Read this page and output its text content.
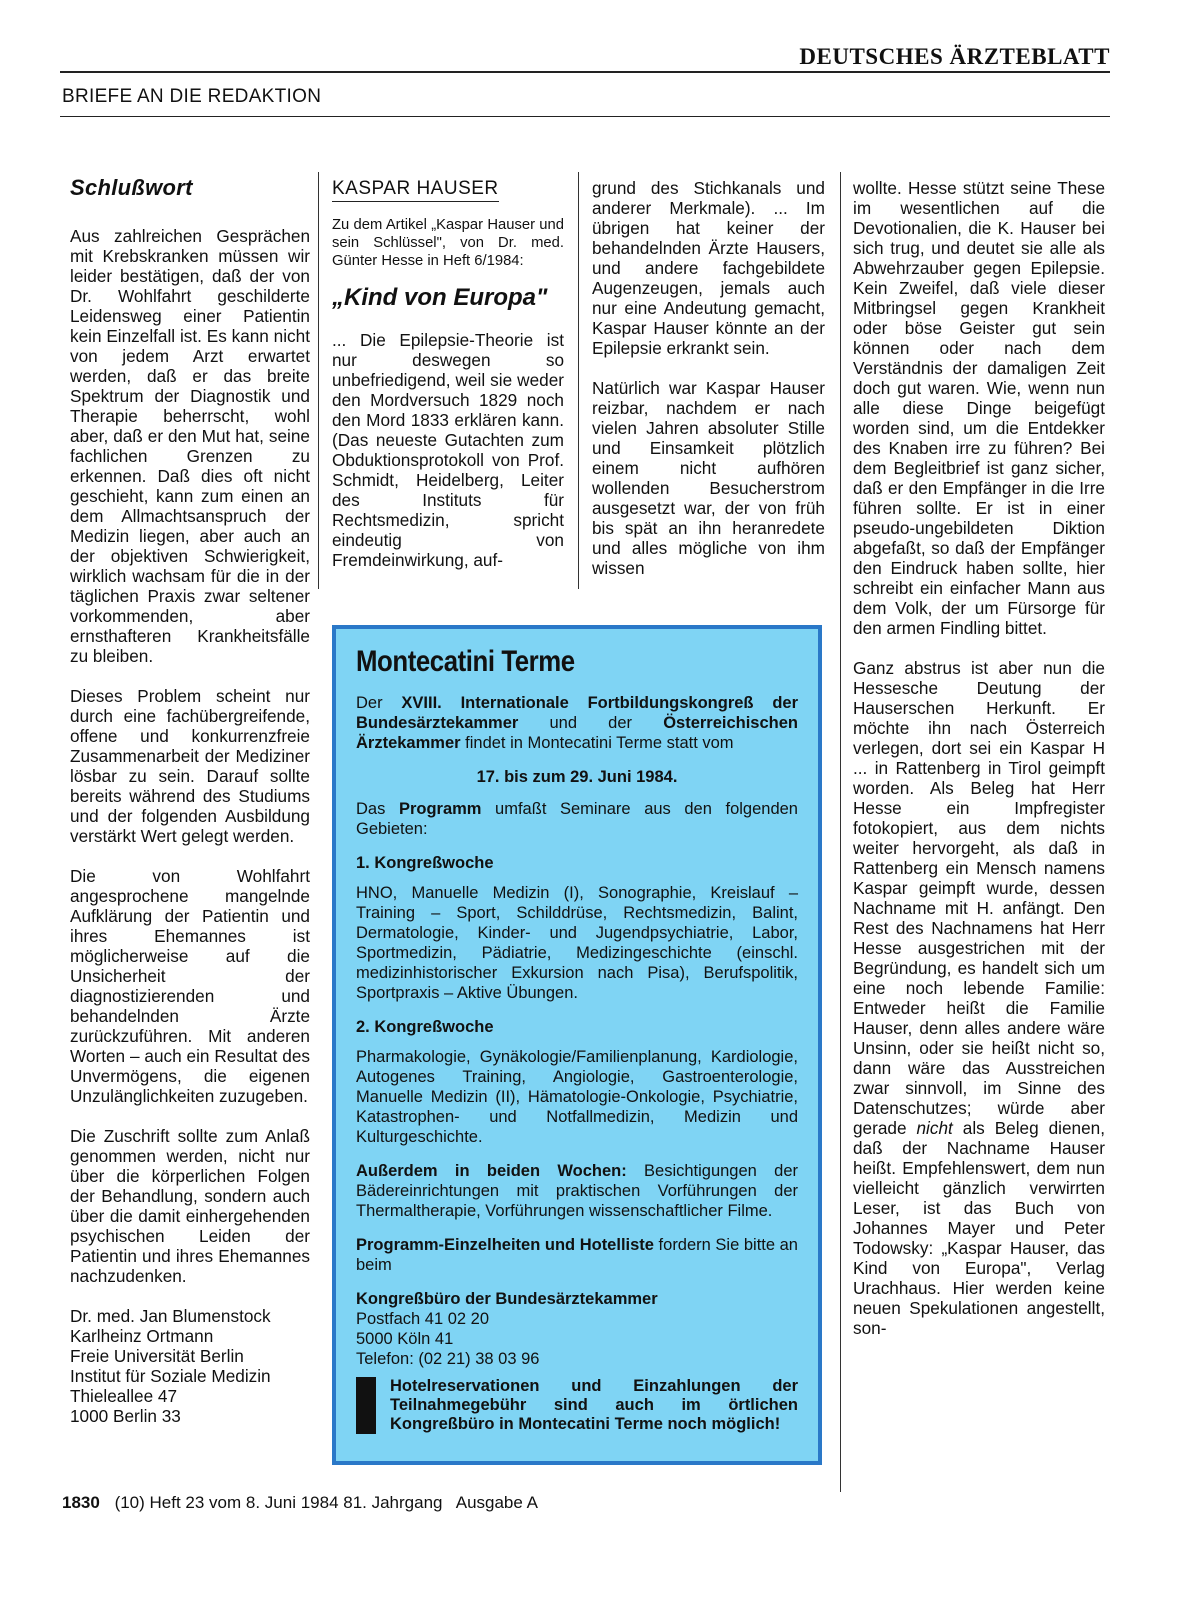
DEUTSCHES ÄRZTEBLATT
BRIEFE AN DIE REDAKTION
Schlußwort

Aus zahlreichen Gesprächen mit Krebskranken müssen wir leider bestätigen, daß der von Dr. Wohlfahrt geschilderte Leidensweg einer Patientin kein Einzelfall ist. Es kann nicht von jedem Arzt erwartet werden, daß er das breite Spektrum der Diagnostik und Therapie beherrscht, wohl aber, daß er den Mut hat, seine fachlichen Grenzen zu erkennen. Daß dies oft nicht geschieht, kann zum einen an dem Allmachtsanspruch der Medizin liegen, aber auch an der objektiven Schwierigkeit, wirklich wachsam für die in der täglichen Praxis zwar seltener vorkommenden, aber ernsthafteren Krankheitsfälle zu bleiben.

Dieses Problem scheint nur durch eine fachübergreifende, offene und konkurrenzfreie Zusammenarbeit der Mediziner lösbar zu sein. Darauf sollte bereits während des Studiums und der folgenden Ausbildung verstärkt Wert gelegt werden.

Die von Wohlfahrt angesprochene mangelnde Aufklärung der Patientin und ihres Ehemannes ist möglicherweise auf die Unsicherheit der diagnostizierenden und behandelnden Ärzte zurückzuführen. Mit anderen Worten – auch ein Resultat des Unvermögens, die eigenen Unzulänglichkeiten zuzugeben.

Die Zuschrift sollte zum Anlaß genommen werden, nicht nur über die körperlichen Folgen der Behandlung, sondern auch über die damit einhergehenden psychischen Leiden der Patientin und ihres Ehemannes nachzudenken.

Dr. med. Jan Blumenstock

Karlheinz Ortmann

Freie Universität Berlin

Institut für Soziale Medizin

Thieleallee 47

1000 Berlin 33

KASPAR HAUSER
Zu dem Artikel „Kaspar Hauser und sein Schlüssel", von Dr. med. Günter Hesse in Heft 6/1984:
„Kind von Europa"

... Die Epilepsie-Theorie ist nur deswegen so unbefriedigend, weil sie weder den Mordversuch 1829 noch den Mord 1833 erklären kann. (Das neueste Gutachten zum Obduktionsprotokoll von Prof. Schmidt, Heidelberg, Leiter des Instituts für Rechtsmedizin, spricht eindeutig von Fremdeinwirkung, auf-

grund des Stichkanals und anderer Merkmale). ... Im übrigen hat keiner der behandelnden Ärzte Hausers, und andere fachgebildete Augenzeugen, jemals auch nur eine Andeutung gemacht, Kaspar Hauser könnte an der Epilepsie erkrankt sein.

Natürlich war Kaspar Hauser reizbar, nachdem er nach vielen Jahren absoluter Stille und Einsamkeit plötzlich einem nicht aufhören wollenden Besucherstrom ausgesetzt war, der von früh bis spät an ihn heranredete und alles mögliche von ihm wissen

wollte. Hesse stützt seine These im wesentlichen auf die Devotionalien, die K. Hauser bei sich trug, und deutet sie alle als Abwehrzauber gegen Epilepsie. Kein Zweifel, daß viele dieser Mitbringsel gegen Krankheit oder böse Geister gut sein können oder nach dem Verständnis der damaligen Zeit doch gut waren. Wie, wenn nun alle diese Dinge beigefügt worden sind, um die Entdekker des Knaben irre zu führen? Bei dem Begleitbrief ist ganz sicher, daß er den Empfänger in die Irre führen sollte. Er ist in einer pseudo-ungebildeten Diktion abgefaßt, so daß der Empfänger den Eindruck haben sollte, hier schreibt ein einfacher Mann aus dem Volk, der um Fürsorge für den armen Findling bittet.

Ganz abstrus ist aber nun die Hessesche Deutung der Hauserschen Herkunft. Er möchte ihn nach Österreich verlegen, dort sei ein Kaspar H ... in Rattenberg in Tirol geimpft worden. Als Beleg hat Herr Hesse ein Impfregister fotokopiert, aus dem nichts weiter hervorgeht, als daß in Rattenberg ein Mensch namens Kaspar geimpft wurde, dessen Nachname mit H. anfängt. Den Rest des Nachnamens hat Herr Hesse ausgestrichen mit der Begründung, es handelt sich um eine noch lebende Familie: Entweder heißt die Familie Hauser, denn alles andere wäre Unsinn, oder sie heißt nicht so, dann wäre das Ausstreichen zwar sinnvoll, im Sinne des Datenschutzes; würde aber gerade nicht als Beleg dienen, daß der Nachname Hauser heißt. Empfehlenswert, dem nun vielleicht gänzlich verwirrten Leser, ist das Buch von Johannes Mayer und Peter Todowsky: „Kaspar Hauser, das Kind von Europa", Verlag Urachhaus. Hier werden keine neuen Spekulationen angestellt, son-

Montecatini Terme

Der XVIII. Internationale Fortbildungskongreß der Bundesärztekammer und der Österreichischen Ärztekammer findet in Montecatini Terme statt vom

17. bis zum 29. Juni 1984.

Das Programm umfaßt Seminare aus den folgenden Gebieten:

1. Kongreßwoche

HNO, Manuelle Medizin (I), Sonographie, Kreislauf – Training – Sport, Schilddrüse, Rechtsmedizin, Balint, Dermatologie, Kinder- und Jugendpsychiatrie, Labor, Sportmedizin, Pädiatrie, Medizingeschichte (einschl. medizinhistorischer Exkursion nach Pisa), Berufspolitik, Sportpraxis – Aktive Übungen.

2. Kongreßwoche

Pharmakologie, Gynäkologie/Familienplanung, Kardiologie, Autogenes Training, Angiologie, Gastroenterologie, Manuelle Medizin (II), Hämatologie-Onkologie, Psychiatrie, Katastrophen- und Notfallmedizin, Medizin und Kulturgeschichte.

Außerdem in beiden Wochen: Besichtigungen der Bädereinrichtungen mit praktischen Vorführungen der Thermaltherapie, Vorführungen wissenschaftlicher Filme.

Programm-Einzelheiten und Hotelliste fordern Sie bitte an beim

Kongreßbüro der Bundesärztekammer

Postfach 41 02 20

5000 Köln 41

Telefon: (02 21) 38 03 96

Hotelreservationen und Einzahlungen der Teilnahmegebühr sind auch im örtlichen Kongreßbüro in Montecatini Terme noch möglich!
1830 (10) Heft 23 vom 8. Juni 1984 81. Jahrgang Ausgabe A
